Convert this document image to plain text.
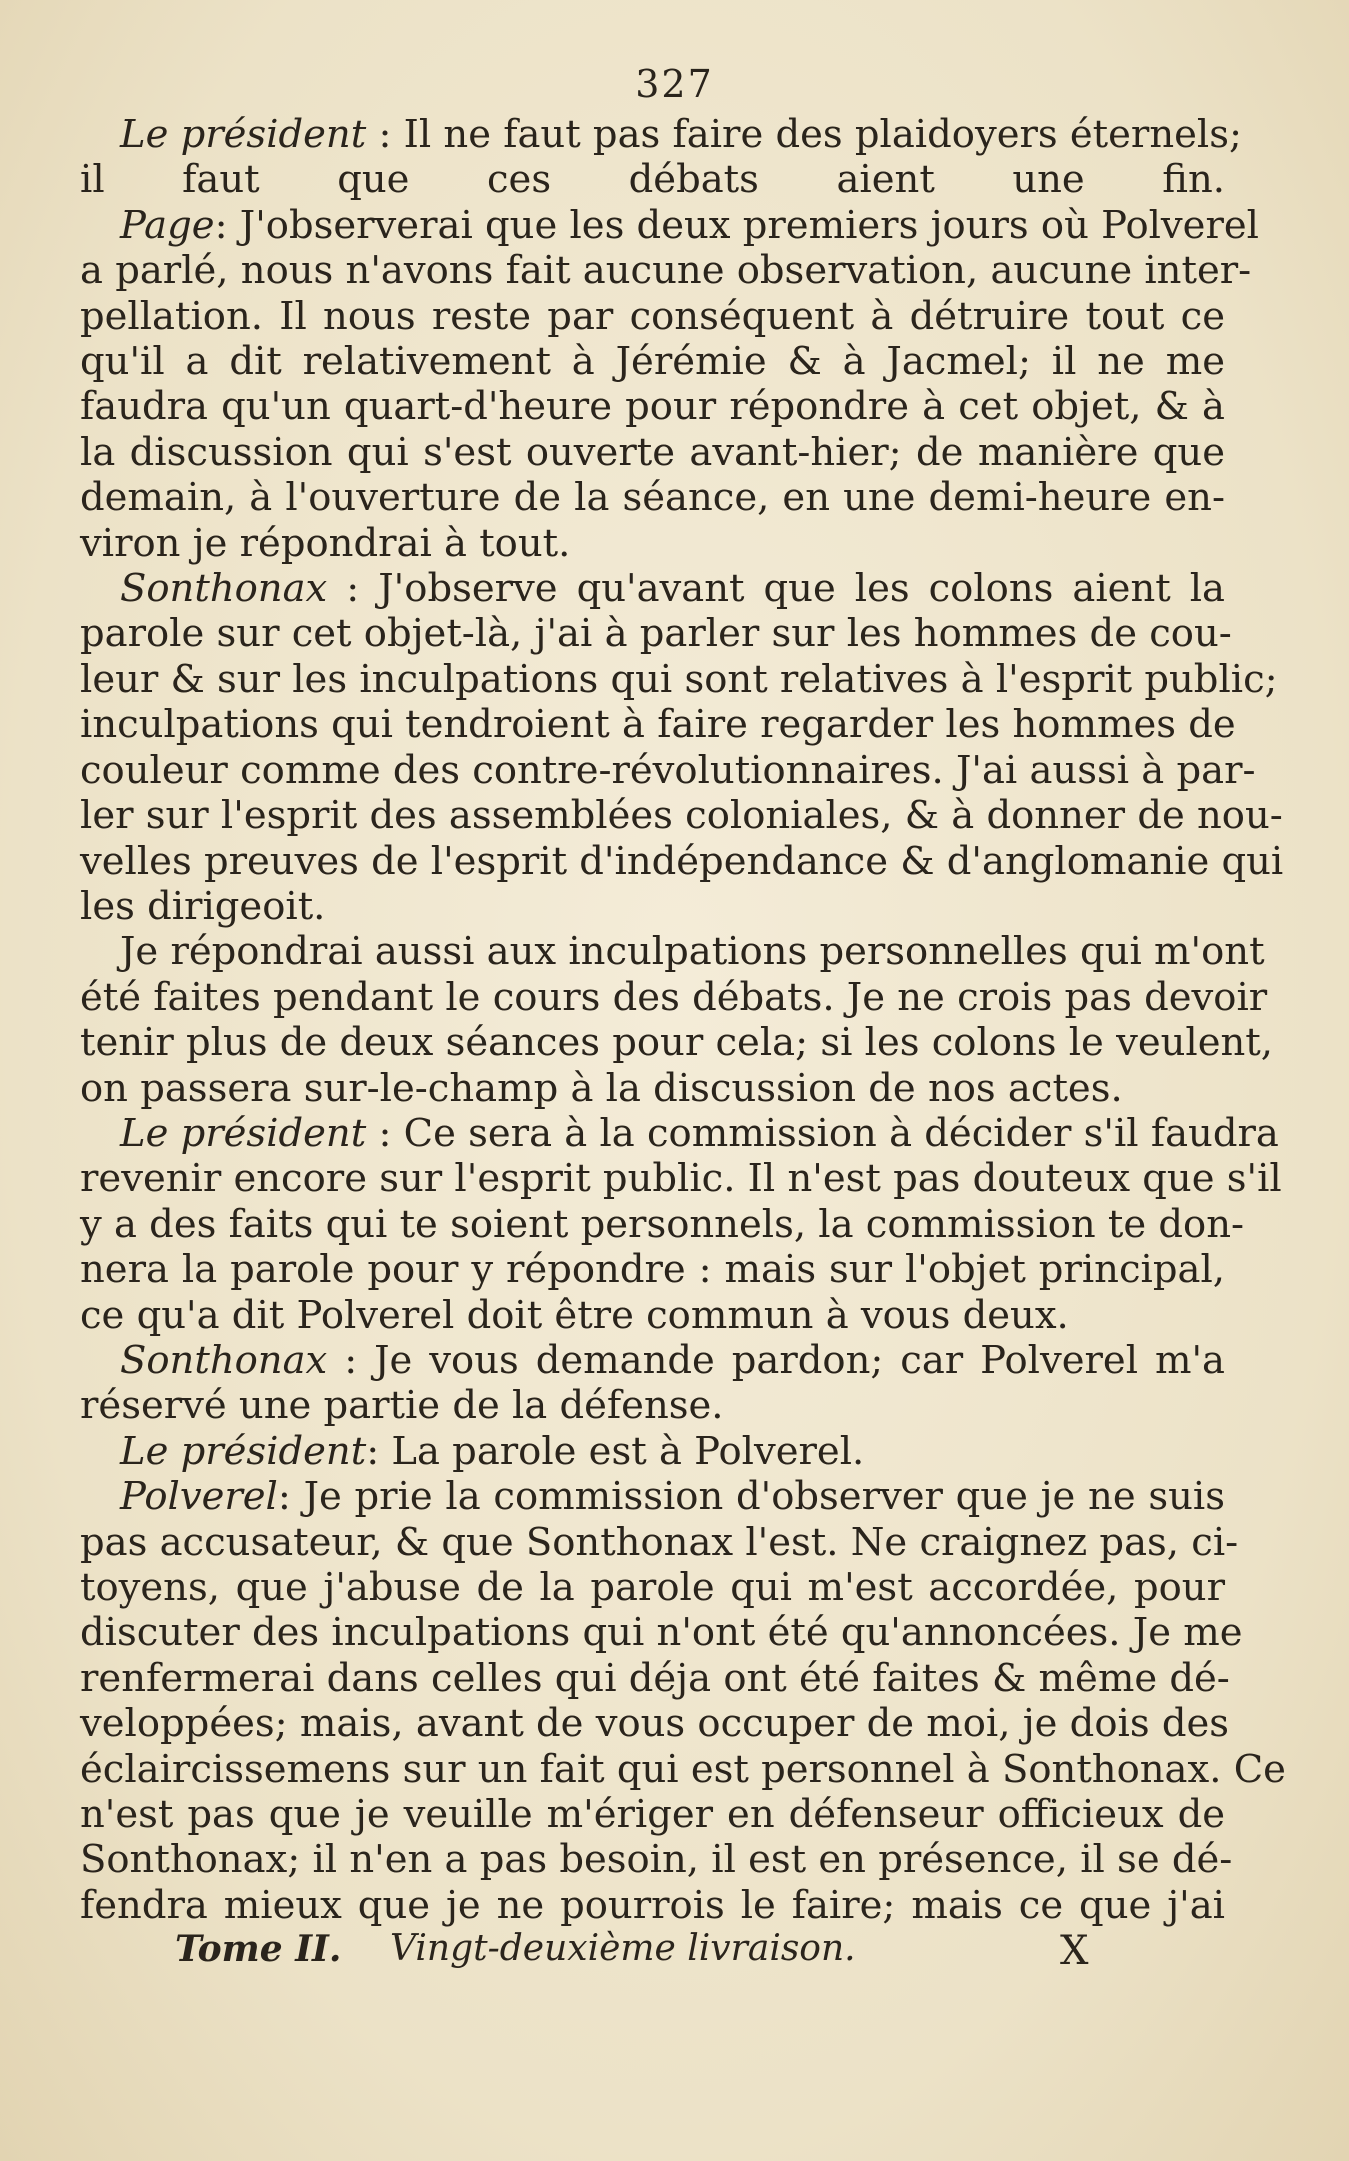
327
Le président : Il ne faut pas faire des plaidoyers éternels;
il faut que ces débats aient une fin.
Page: J'observerai que les deux premiers jours où Polverel
a parlé, nous n'avons fait aucune observation, aucune inter-
pellation. Il nous reste par conséquent à détruire tout ce
qu'il a dit relativement à Jérémie & à Jacmel; il ne me
faudra qu'un quart-d'heure pour répondre à cet objet, & à
la discussion qui s'est ouverte avant-hier; de manière que
demain, à l'ouverture de la séance, en une demi-heure en-
viron je répondrai à tout.
Sonthonax : J'observe qu'avant que les colons aient la
parole sur cet objet-là, j'ai à parler sur les hommes de cou-
leur & sur les inculpations qui sont relatives à l'esprit public;
inculpations qui tendroient à faire regarder les hommes de
couleur comme des contre-révolutionnaires. J'ai aussi à par-
ler sur l'esprit des assemblées coloniales, & à donner de nou-
velles preuves de l'esprit d'indépendance & d'anglomanie qui
les dirigeoit.
Je répondrai aussi aux inculpations personnelles qui m'ont
été faites pendant le cours des débats. Je ne crois pas devoir
tenir plus de deux séances pour cela; si les colons le veulent,
on passera sur-le-champ à la discussion de nos actes.
Le président : Ce sera à la commission à décider s'il faudra
revenir encore sur l'esprit public. Il n'est pas douteux que s'il
y a des faits qui te soient personnels, la commission te don-
nera la parole pour y répondre : mais sur l'objet principal,
ce qu'a dit Polverel doit être commun à vous deux.
Sonthonax : Je vous demande pardon; car Polverel m'a
réservé une partie de la défense.
Le président: La parole est à Polverel.
Polverel: Je prie la commission d'observer que je ne suis
pas accusateur, & que Sonthonax l'est. Ne craignez pas, ci-
toyens, que j'abuse de la parole qui m'est accordée, pour
discuter des inculpations qui n'ont été qu'annoncées. Je me
renfermerai dans celles qui déja ont été faites & même dé-
veloppées; mais, avant de vous occuper de moi, je dois des
éclaircissemens sur un fait qui est personnel à Sonthonax. Ce
n'est pas que je veuille m'ériger en défenseur officieux de
Sonthonax; il n'en a pas besoin, il est en présence, il se dé-
fendra mieux que je ne pourrois le faire; mais ce que j'ai
Tome II. Vingt-deuxième livraison.	X
